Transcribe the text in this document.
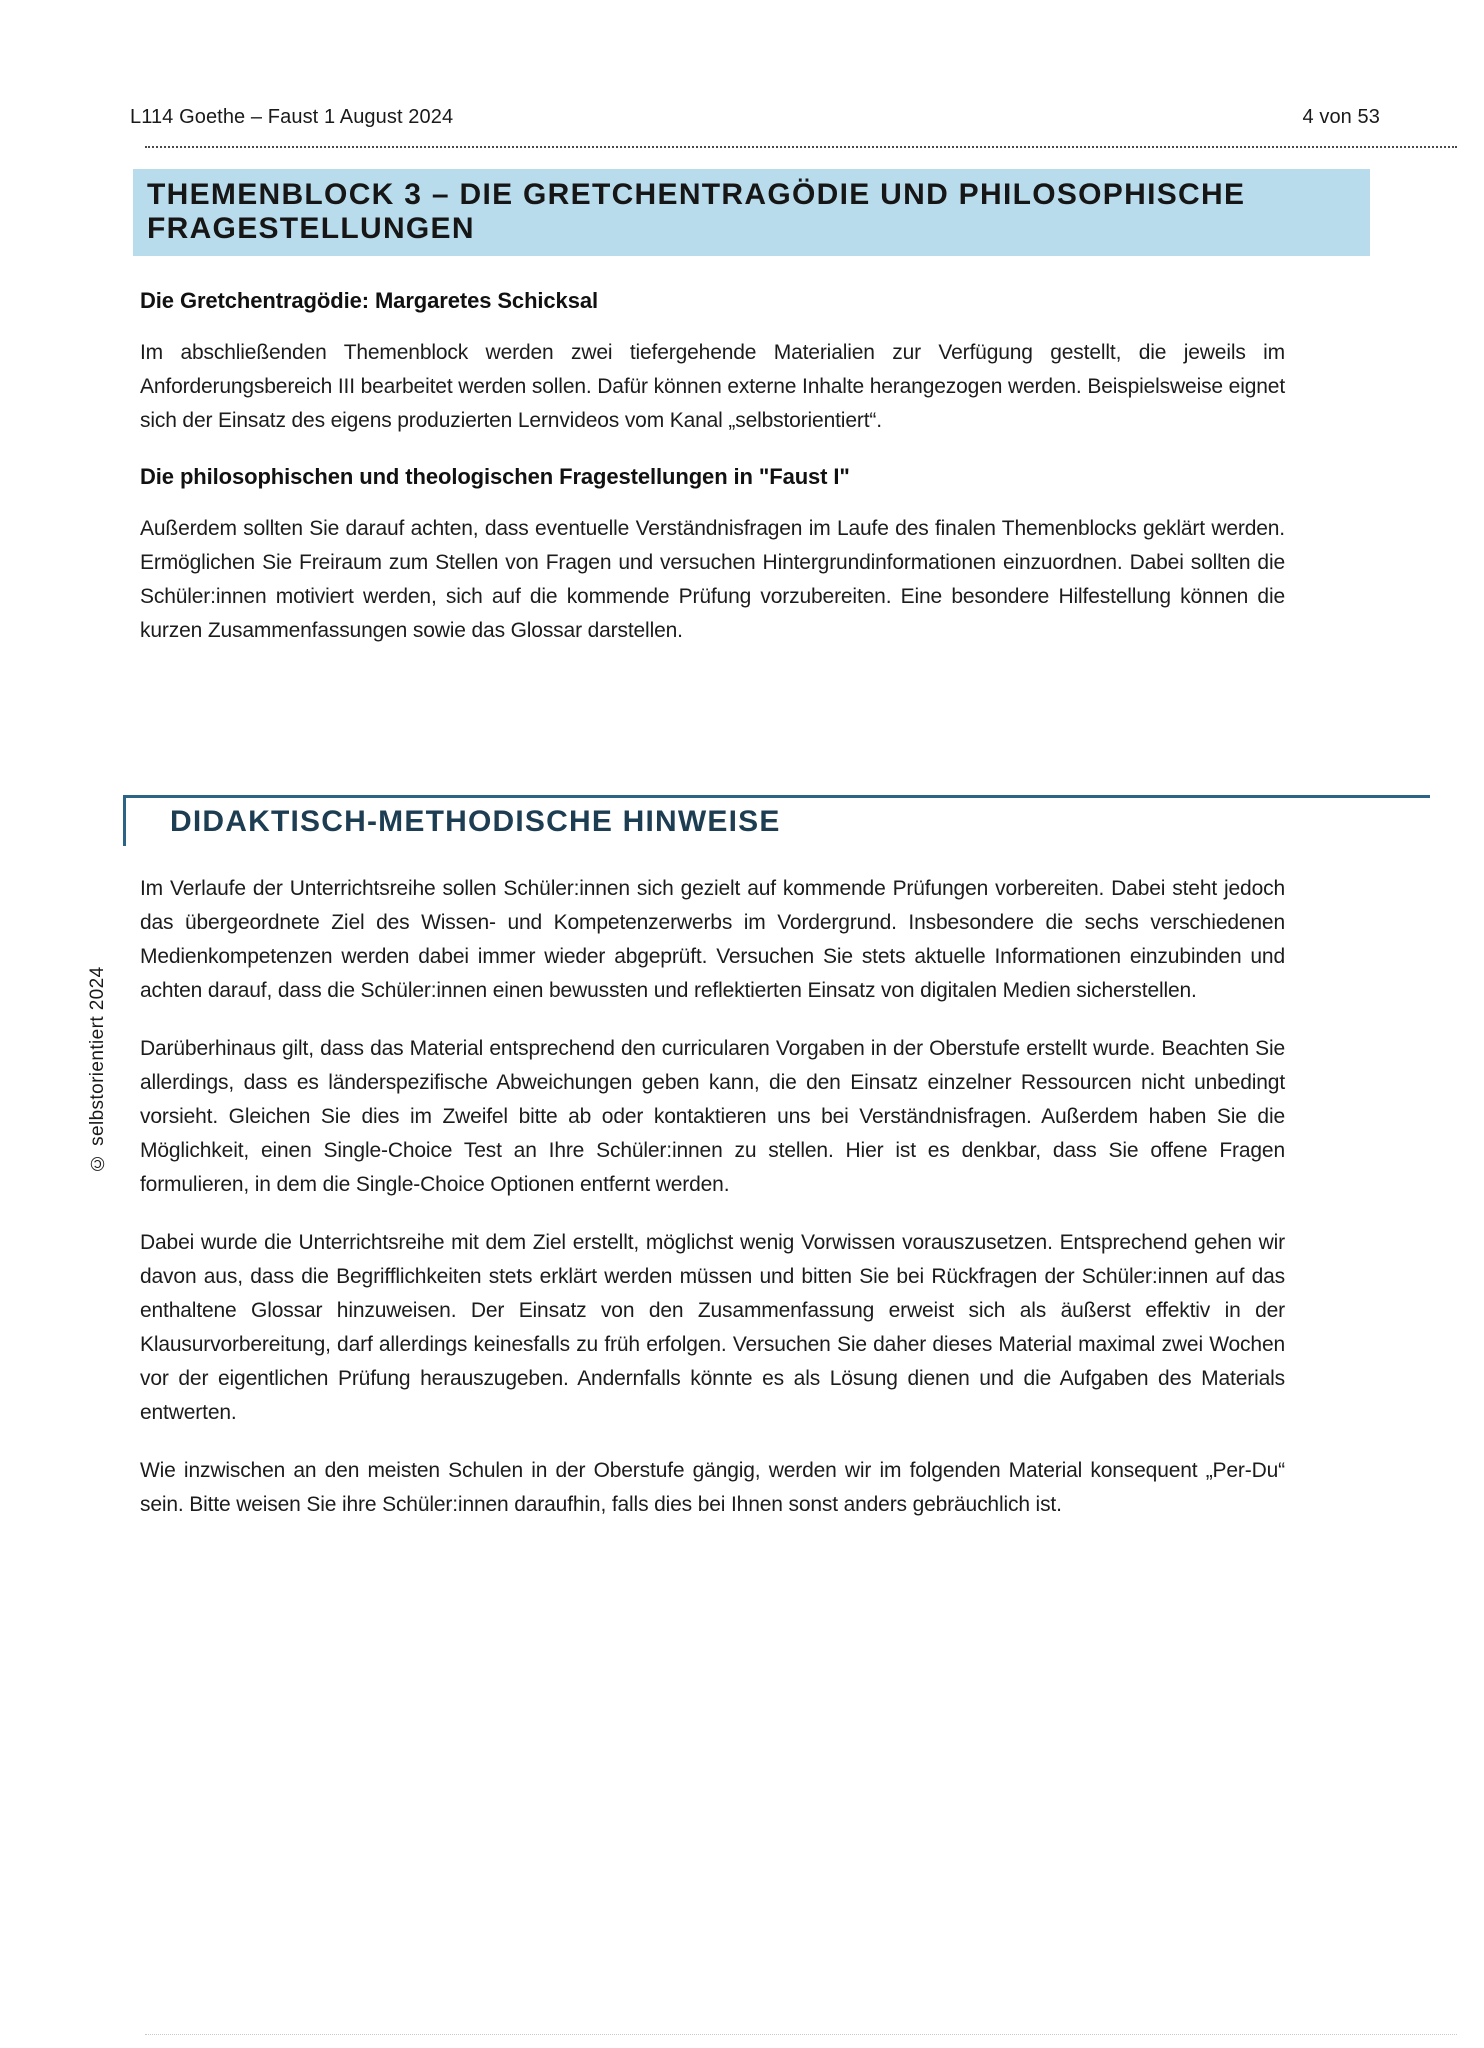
L114 Goethe – Faust 1 August 2024	4 von 53
THEMENBLOCK 3 – DIE GRETCHENTRAGÖDIE UND PHILOSOPHISCHE FRAGESTELLUNGEN
Die Gretchentragödie: Margaretes Schicksal

Im abschließenden Themenblock werden zwei tiefergehende Materialien zur Verfügung gestellt, die jeweils im Anforderungsbereich III bearbeitet werden sollen. Dafür können externe Inhalte herangezogen werden. Beispielsweise eignet sich der Einsatz des eigens produzierten Lernvideos vom Kanal „selbstorientiert“.

Die philosophischen und theologischen Fragestellungen in "Faust I"

Außerdem sollten Sie darauf achten, dass eventuelle Verständnisfragen im Laufe des finalen Themenblocks geklärt werden. Ermöglichen Sie Freiraum zum Stellen von Fragen und versuchen Hintergrundinformationen einzuordnen. Dabei sollten die Schüler:innen motiviert werden, sich auf die kommende Prüfung vorzubereiten. Eine besondere Hilfestellung können die kurzen Zusammenfassungen sowie das Glossar darstellen.

DIDAKTISCH-METHODISCHE HINWEISE

Im Verlaufe der Unterrichtsreihe sollen Schüler:innen sich gezielt auf kommende Prüfungen vorbereiten. Dabei steht jedoch das übergeordnete Ziel des Wissen- und Kompetenzerwerbs im Vordergrund. Insbesondere die sechs verschiedenen Medienkompetenzen werden dabei immer wieder abgeprüft. Versuchen Sie stets aktuelle Informationen einzubinden und achten darauf, dass die Schüler:innen einen bewussten und reflektierten Einsatz von digitalen Medien sicherstellen.

Darüberhinaus gilt, dass das Material entsprechend den curricularen Vorgaben in der Oberstufe erstellt wurde. Beachten Sie allerdings, dass es länderspezifische Abweichungen geben kann, die den Einsatz einzelner Ressourcen nicht unbedingt vorsieht. Gleichen Sie dies im Zweifel bitte ab oder kontaktieren uns bei Verständnisfragen. Außerdem haben Sie die Möglichkeit, einen Single-Choice Test an Ihre Schüler:innen zu stellen. Hier ist es denkbar, dass Sie offene Fragen formulieren, in dem die Single-Choice Optionen entfernt werden.

Dabei wurde die Unterrichtsreihe mit dem Ziel erstellt, möglichst wenig Vorwissen vorauszusetzen. Entsprechend gehen wir davon aus, dass die Begrifflichkeiten stets erklärt werden müssen und bitten Sie bei Rückfragen der Schüler:innen auf das enthaltene Glossar hinzuweisen. Der Einsatz von den Zusammenfassung erweist sich als äußerst effektiv in der Klausurvorbereitung, darf allerdings keinesfalls zu früh erfolgen. Versuchen Sie daher dieses Material maximal zwei Wochen vor der eigentlichen Prüfung herauszugeben. Andernfalls könnte es als Lösung dienen und die Aufgaben des Materials entwerten.

Wie inzwischen an den meisten Schulen in der Oberstufe gängig, werden wir im folgenden Material konsequent „Per-Du“ sein. Bitte weisen Sie ihre Schüler:innen daraufhin, falls dies bei Ihnen sonst anders gebräuchlich ist.

© selbstorientiert 2024
